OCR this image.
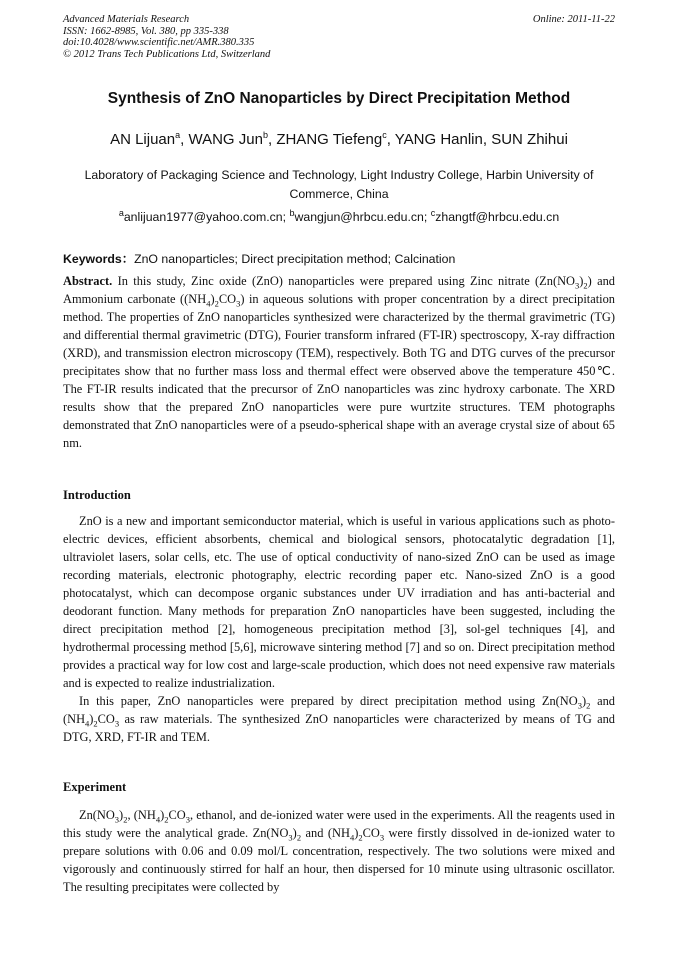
Advanced Materials Research
ISSN: 1662-8985, Vol. 380, pp 335-338
doi:10.4028/www.scientific.net/AMR.380.335
© 2012 Trans Tech Publications Ltd, Switzerland
Online: 2011-11-22
Synthesis of ZnO Nanoparticles by Direct Precipitation Method
AN Lijuan$^a$, WANG Jun$^b$, ZHANG Tiefeng$^c$, YANG Hanlin, SUN Zhihui
Laboratory of Packaging Science and Technology, Light Industry College, Harbin University of Commerce, China
$^a$anlijuan1977@yahoo.com.cn; $^b$wangjun@hrbcu.edu.cn; $^c$zhangtf@hrbcu.edu.cn
Keywords：ZnO nanoparticles; Direct precipitation method; Calcination

Abstract. In this study, Zinc oxide (ZnO) nanoparticles were prepared using Zinc nitrate $(Zn(NO_3)_2)$ and Ammonium carbonate $((NH_4)_2CO_3)$ in aqueous solutions with proper concentration by a direct precipitation method. The properties of ZnO nanoparticles synthesized were characterized by the thermal gravimetric (TG) and differential thermal gravimetric (DTG), Fourier transform infrared (FT-IR) spectroscopy, X-ray diffraction (XRD), and transmission electron microscopy (TEM), respectively. Both TG and DTG curves of the precursor precipitates show that no further mass loss and thermal effect were observed above the temperature 450℃. The FT-IR results indicated that the precursor of ZnO nanoparticles was zinc hydroxy carbonate. The XRD results show that the prepared ZnO nanoparticles were pure wurtzite structures. TEM photographs demonstrated that ZnO nanoparticles were of a pseudo-spherical shape with an average crystal size of about 65 nm.

Introduction

ZnO is a new and important semiconductor material, which is useful in various applications such as photo-electric devices, efficient absorbents, chemical and biological sensors, photocatalytic degradation [1], ultraviolet lasers, solar cells, etc. The use of optical conductivity of nano-sized ZnO can be used as image recording materials, electronic photography, electric recording paper etc. Nano-sized ZnO is a good photocatalyst, which can decompose organic substances under UV irradiation and has anti-bacterial and deodorant function. Many methods for preparation ZnO nanoparticles have been suggested, including the direct precipitation method [2], homogeneous precipitation method [3], sol-gel techniques [4], and hydrothermal processing method [5,6], microwave sintering method [7] and so on. Direct precipitation method provides a practical way for low cost and large-scale production, which does not need expensive raw materials and is expected to realize industrialization.

In this paper, ZnO nanoparticles were prepared by direct precipitation method using $Zn(NO_3)_2$ and $(NH_4)_2CO_3$ as raw materials. The synthesized ZnO nanoparticles were characterized by means of TG and DTG, XRD, FT-IR and TEM.

Experiment

$Zn(NO_3)_2$, $(NH_4)_2CO_3$, ethanol, and de-ionized water were used in the experiments. All the reagents used in this study were the analytical grade. $Zn(NO_3)_2$ and $(NH_4)_2CO_3$ were firstly dissolved in de-ionized water to prepare solutions with 0.06 and 0.09 mol/L concentration, respectively. The two solutions were mixed and vigorously and continuously stirred for half an hour, then dispersed for 10 minute using ultrasonic oscillator. The resulting precipitates were collected by
